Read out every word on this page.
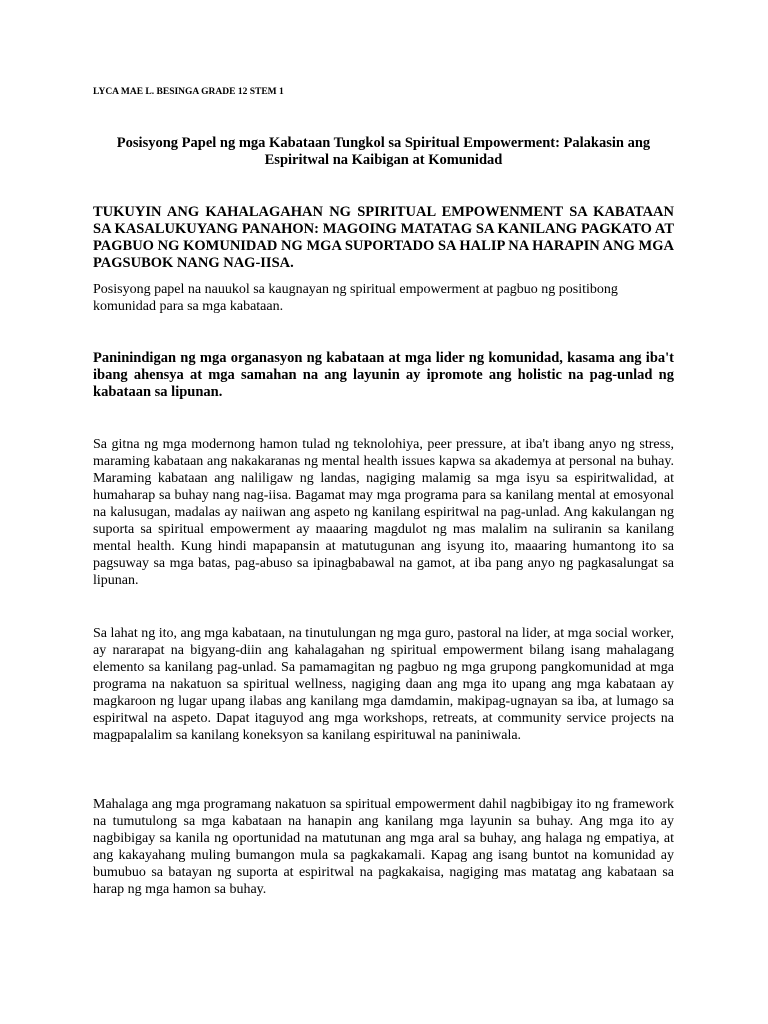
LYCA MAE L. BESINGA GRADE 12 STEM 1
Posisyong Papel ng mga Kabataan Tungkol sa Spiritual Empowerment: Palakasin ang Espiritwal na Kaibigan at Komunidad
TUKUYIN ANG KAHALAGAHAN NG SPIRITUAL EMPOWENMENT SA KABATAAN SA KASALUKUYANG PANAHON: MAGOING MATATAG SA KANILANG PAGKATO AT PAGBUO NG KOMUNIDAD NG MGA SUPORTADO SA HALIP NA HARAPIN ANG MGA PAGSUBOK NANG NAG-IISA.

Posisyong papel na nauukol sa kaugnayan ng spiritual empowerment at pagbuo ng positibong komunidad para sa mga kabataan.

Paninindigan ng mga organasyon ng kabataan at mga lider ng komunidad, kasama ang iba't ibang ahensya at mga samahan na ang layunin ay ipromote ang holistic na pag-unlad ng kabataan sa lipunan.

Sa gitna ng mga modernong hamon tulad ng teknolohiya, peer pressure, at iba't ibang anyo ng stress, maraming kabataan ang nakakaranas ng mental health issues kapwa sa akademya at personal na buhay. Maraming kabataan ang naliligaw ng landas, nagiging malamig sa mga isyu sa espiritwalidad, at humaharap sa buhay nang nag-iisa. Bagamat may mga programa para sa kanilang mental at emosyonal na kalusugan, madalas ay naiiwan ang aspeto ng kanilang espiritwal na pag-unlad. Ang kakulangan ng suporta sa spiritual empowerment ay maaaring magdulot ng mas malalim na suliranin sa kanilang mental health. Kung hindi mapapansin at matutugunan ang isyung ito, maaaring humantong ito sa pagsuway sa mga batas, pag-abuso sa ipinagbabawal na gamot, at iba pang anyo ng pagkasalungat sa lipunan.

Sa lahat ng ito, ang mga kabataan, na tinutulungan ng mga guro, pastoral na lider, at mga social worker, ay nararapat na bigyang-diin ang kahalagahan ng spiritual empowerment bilang isang mahalagang elemento sa kanilang pag-unlad. Sa pamamagitan ng pagbuo ng mga grupong pangkomunidad at mga programa na nakatuon sa spiritual wellness, nagiging daan ang mga ito upang ang mga kabataan ay magkaroon ng lugar upang ilabas ang kanilang mga damdamin, makipag-ugnayan sa iba, at lumago sa espiritwal na aspeto. Dapat itaguyod ang mga workshops, retreats, at community service projects na magpapalalim sa kanilang koneksyon sa kanilang espirituwal na paniniwala.

Mahalaga ang mga programang nakatuon sa spiritual empowerment dahil nagbibigay ito ng framework na tumutulong sa mga kabataan na hanapin ang kanilang mga layunin sa buhay. Ang mga ito ay nagbibigay sa kanila ng oportunidad na matutunan ang mga aral sa buhay, ang halaga ng empatiya, at ang kakayahang muling bumangon mula sa pagkakamali. Kapag ang isang buntot na komunidad ay bumubuo sa batayan ng suporta at espiritwal na pagkakaisa, nagiging mas matatag ang kabataan sa harap ng mga hamon sa buhay.
